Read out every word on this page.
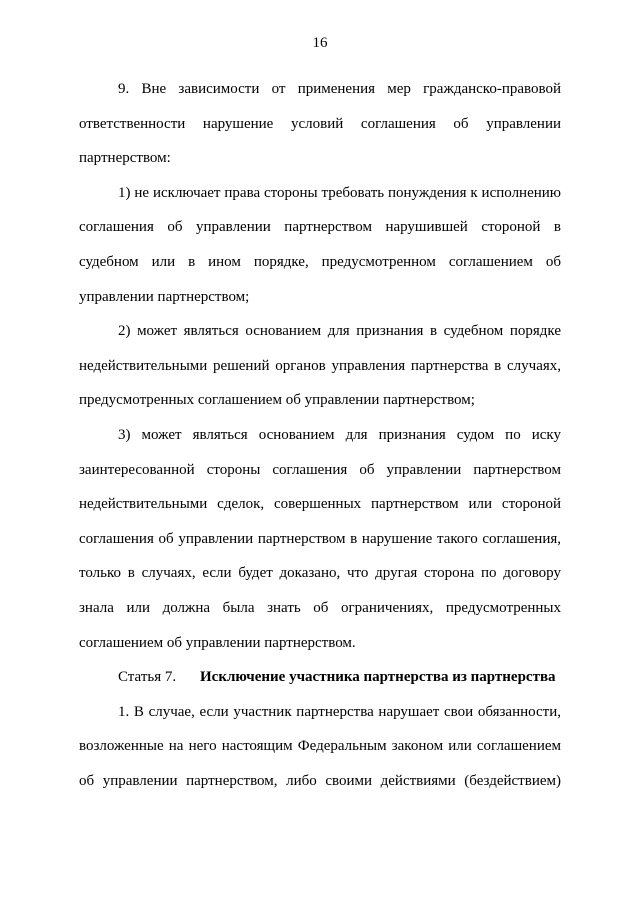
16

9. Вне зависимости от применения мер гражданско-правовой ответственности нарушение условий соглашения об управлении партнерством:

1) не исключает права стороны требовать понуждения к исполнению соглашения об управлении партнерством нарушившей стороной в судебном или в ином порядке, предусмотренном соглашением об управлении партнерством;

2) может являться основанием для признания в судебном порядке недействительными решений органов управления партнерства в случаях, предусмотренных соглашением об управлении партнерством;

3) может являться основанием для признания судом по иску заинтересованной стороны соглашения об управлении партнерством недействительными сделок, совершенных партнерством или стороной соглашения об управлении партнерством в нарушение такого соглашения, только в случаях, если будет доказано, что другая сторона по договору знала или должна была знать об ограничениях, предусмотренных соглашением об управлении партнерством.

Статья 7. Исключение участника партнерства из партнерства

1. В случае, если участник партнерства нарушает свои обязанности, возложенные на него настоящим Федеральным законом или соглашением об управлении партнерством, либо своими действиями (бездействием)
